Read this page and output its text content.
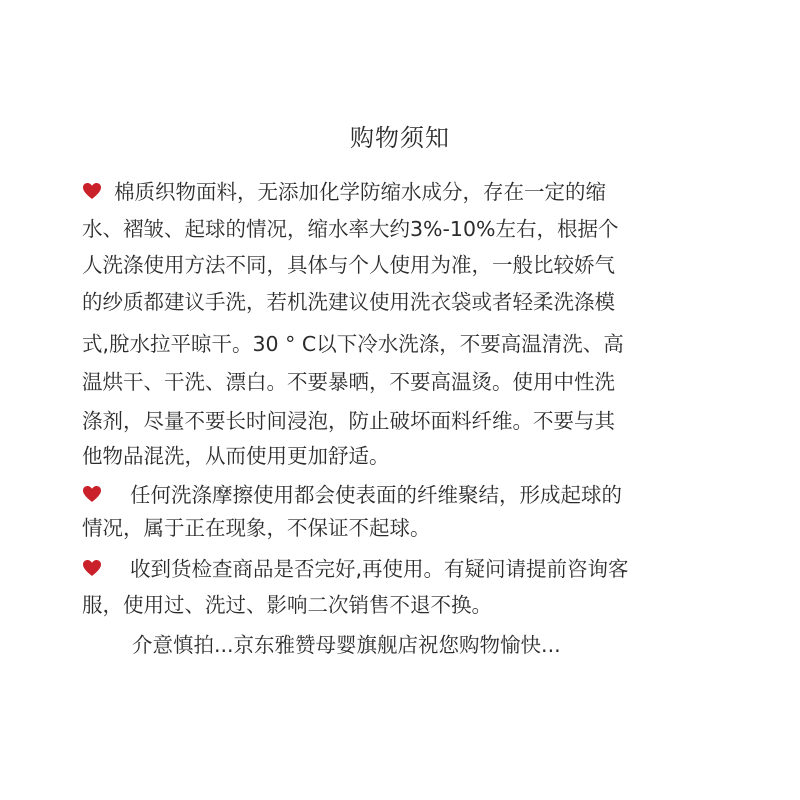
购物须知
棉质织物面料，无添加化学防缩水成分，存在一定的缩
水、褶皱、起球的情况，缩水率大约3%-10%左右，根据个
人洗涤使用方法不同，具体与个人使用为准，一般比较娇气
的纱质都建议手洗，若机洗建议使用洗衣袋或者轻柔洗涤模
式,脫水拉平晾干。30 ° C以下冷水洗涤，不要高温清洗、高
温烘干、干洗、漂白。不要暴晒，不要高温烫。使用中性洗
涤剂，尽量不要长时间浸泡，防止破坏面料纤维。不要与其
他物品混洗，从而使用更加舒适。
任何洗涤摩擦使用都会使表面的纤维聚结，形成起球的
情况，属于正在现象，不保证不起球。
收到货检查商品是否完好,再使用。有疑问请提前咨询客
服，使用过、洗过、影响二次销售不退不换。
介意慎拍...京东雅赞母婴旗舰店祝您购物愉快...
